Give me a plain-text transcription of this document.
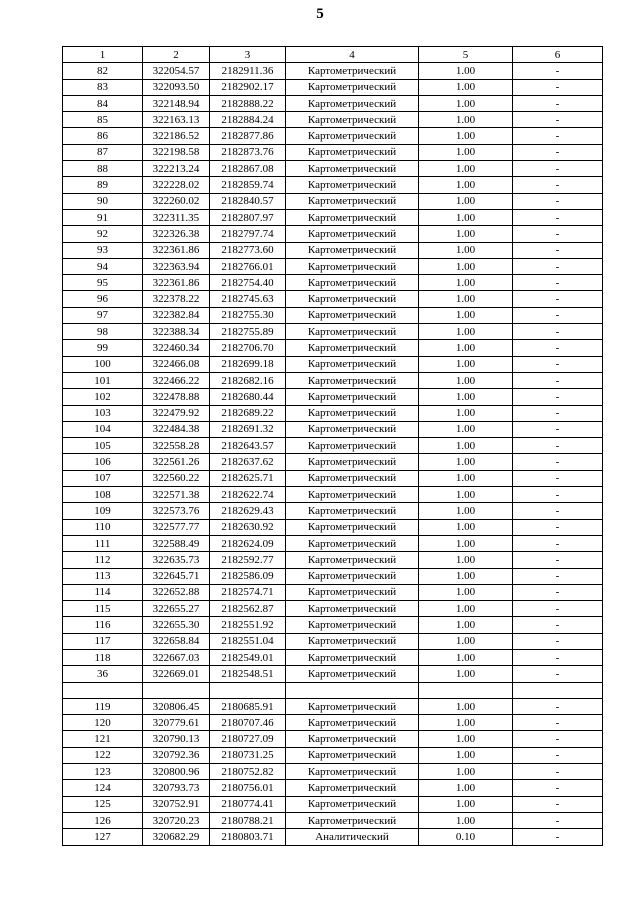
5
1	2	3	4	5	6
82	322054.57	2182911.36	Картометрический	1.00	-
83	322093.50	2182902.17	Картометрический	1.00	-
84	322148.94	2182888.22	Картометрический	1.00	-
85	322163.13	2182884.24	Картометрический	1.00	-
86	322186.52	2182877.86	Картометрический	1.00	-
87	322198.58	2182873.76	Картометрический	1.00	-
88	322213.24	2182867.08	Картометрический	1.00	-
89	322228.02	2182859.74	Картометрический	1.00	-
90	322260.02	2182840.57	Картометрический	1.00	-
91	322311.35	2182807.97	Картометрический	1.00	-
92	322326.38	2182797.74	Картометрический	1.00	-
93	322361.86	2182773.60	Картометрический	1.00	-
94	322363.94	2182766.01	Картометрический	1.00	-
95	322361.86	2182754.40	Картометрический	1.00	-
96	322378.22	2182745.63	Картометрический	1.00	-
97	322382.84	2182755.30	Картометрический	1.00	-
98	322388.34	2182755.89	Картометрический	1.00	-
99	322460.34	2182706.70	Картометрический	1.00	-
100	322466.08	2182699.18	Картометрический	1.00	-
101	322466.22	2182682.16	Картометрический	1.00	-
102	322478.88	2182680.44	Картометрический	1.00	-
103	322479.92	2182689.22	Картометрический	1.00	-
104	322484.38	2182691.32	Картометрический	1.00	-
105	322558.28	2182643.57	Картометрический	1.00	-
106	322561.26	2182637.62	Картометрический	1.00	-
107	322560.22	2182625.71	Картометрический	1.00	-
108	322571.38	2182622.74	Картометрический	1.00	-
109	322573.76	2182629.43	Картометрический	1.00	-
110	322577.77	2182630.92	Картометрический	1.00	-
111	322588.49	2182624.09	Картометрический	1.00	-
112	322635.73	2182592.77	Картометрический	1.00	-
113	322645.71	2182586.09	Картометрический	1.00	-
114	322652.88	2182574.71	Картометрический	1.00	-
115	322655.27	2182562.87	Картометрический	1.00	-
116	322655.30	2182551.92	Картометрический	1.00	-
117	322658.84	2182551.04	Картометрический	1.00	-
118	322667.03	2182549.01	Картометрический	1.00	-
36	322669.01	2182548.51	Картометрический	1.00	-

119	320806.45	2180685.91	Картометрический	1.00	-
120	320779.61	2180707.46	Картометрический	1.00	-
121	320790.13	2180727.09	Картометрический	1.00	-
122	320792.36	2180731.25	Картометрический	1.00	-
123	320800.96	2180752.82	Картометрический	1.00	-
124	320793.73	2180756.01	Картометрический	1.00	-
125	320752.91	2180774.41	Картометрический	1.00	-
126	320720.23	2180788.21	Картометрический	1.00	-
127	320682.29	2180803.71	Аналитический	0.10	-
